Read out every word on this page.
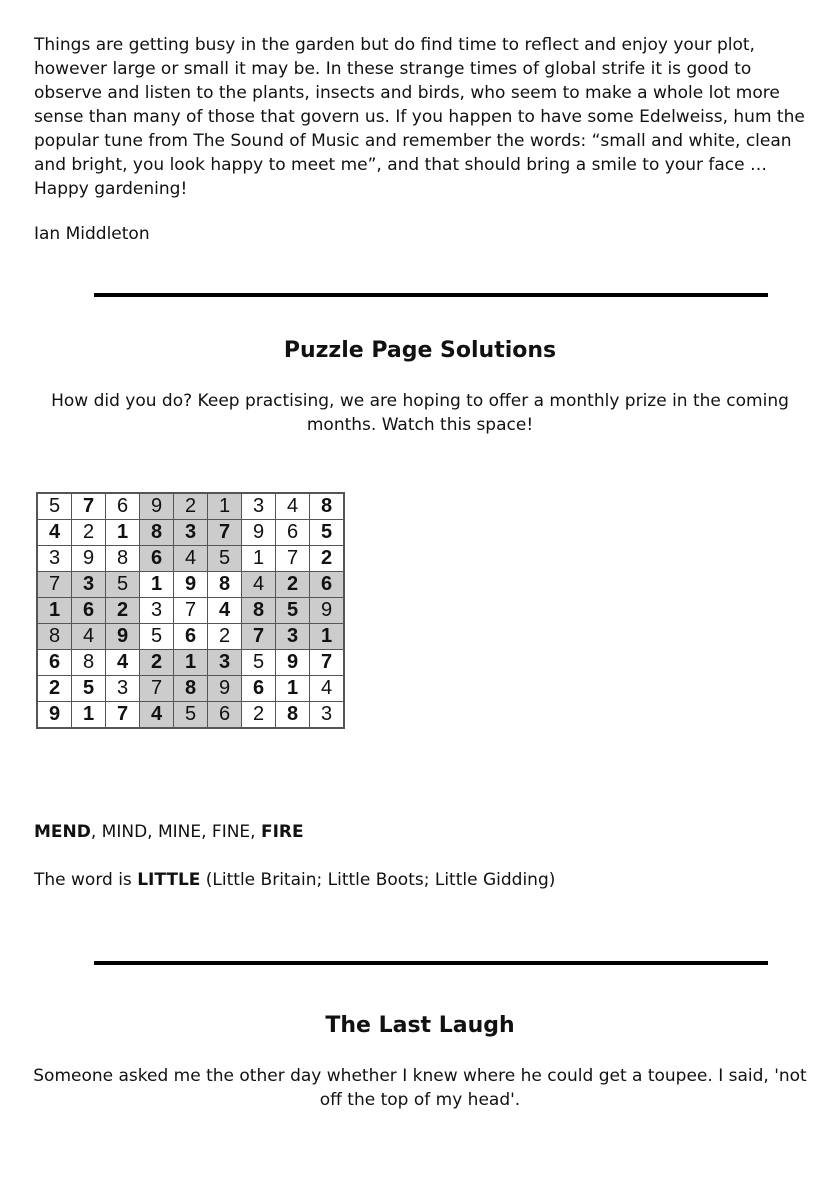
Things are getting busy in the garden but do find time to reflect and enjoy your plot, however large or small it may be. In these strange times of global strife it is good to observe and listen to the plants, insects and birds, who seem to make a whole lot more sense than many of those that govern us. If you happen to have some Edelweiss, hum the popular tune from The Sound of Music and remember the words: “small and white, clean and bright, you look happy to meet me”, and that should bring a smile to your face … Happy gardening!

Ian Middleton

Puzzle Page Solutions

How did you do? Keep practising, we are hoping to offer a monthly prize in the coming months. Watch this space!

5	7	6	9	2	1	3	4	8
4	2	1	8	3	7	9	6	5
3	9	8	6	4	5	1	7	2
7	3	5	1	9	8	4	2	6
1	6	2	3	7	4	8	5	9
8	4	9	5	6	2	7	3	1
6	8	4	2	1	3	5	9	7
2	5	3	7	8	9	6	1	4
9	1	7	4	5	6	2	8	3

MEND, MIND, MINE, FINE, FIRE

The word is LITTLE (Little Britain; Little Boots; Little Gidding)

The Last Laugh

Someone asked me the other day whether I knew where he could get a toupee. I said, 'not off the top of my head'.
